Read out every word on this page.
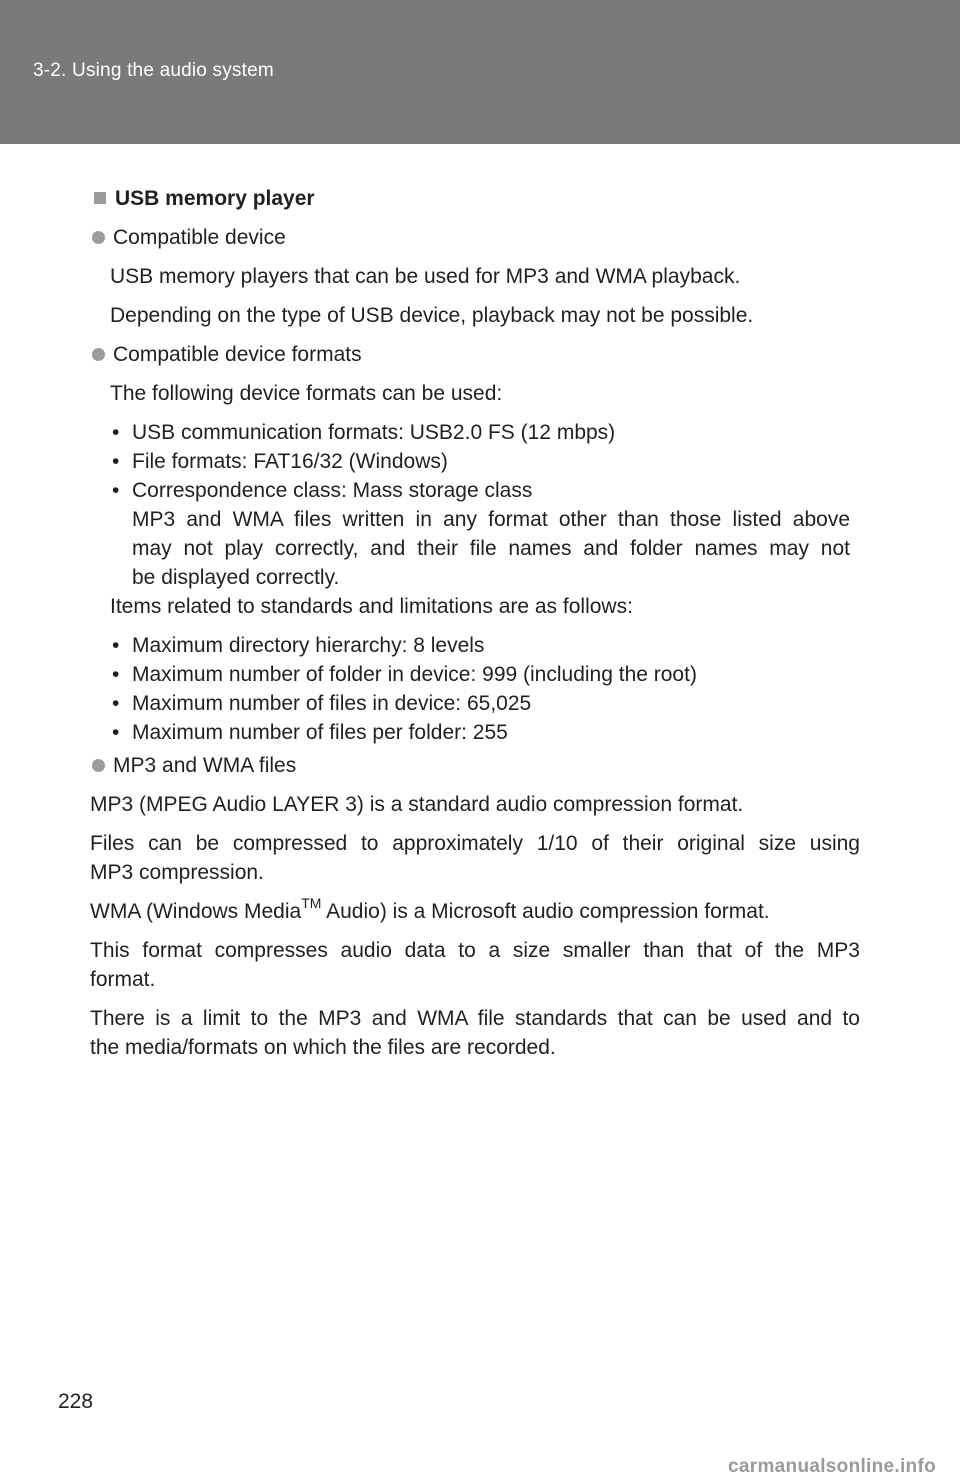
3-2. Using the audio system
USB memory player
Compatible device
USB memory players that can be used for MP3 and WMA playback.
Depending on the type of USB device, playback may not be possible.
Compatible device formats
The following device formats can be used:
• USB communication formats: USB2.0 FS (12 mbps)
• File formats: FAT16/32 (Windows)
• Correspondence class: Mass storage class
MP3 and WMA files written in any format other than those listed above
may not play correctly, and their file names and folder names may not
be displayed correctly.
Items related to standards and limitations are as follows:
• Maximum directory hierarchy: 8 levels
• Maximum number of folder in device: 999 (including the root)
• Maximum number of files in device: 65,025
• Maximum number of files per folder: 255
MP3 and WMA files
MP3 (MPEG Audio LAYER 3) is a standard audio compression format.
Files can be compressed to approximately 1/10 of their original size using
MP3 compression.
WMA (Windows Media™ Audio) is a Microsoft audio compression format.
This format compresses audio data to a size smaller than that of the MP3
format.
There is a limit to the MP3 and WMA file standards that can be used and to
the media/formats on which the files are recorded.
228
carmanualsonline.info
